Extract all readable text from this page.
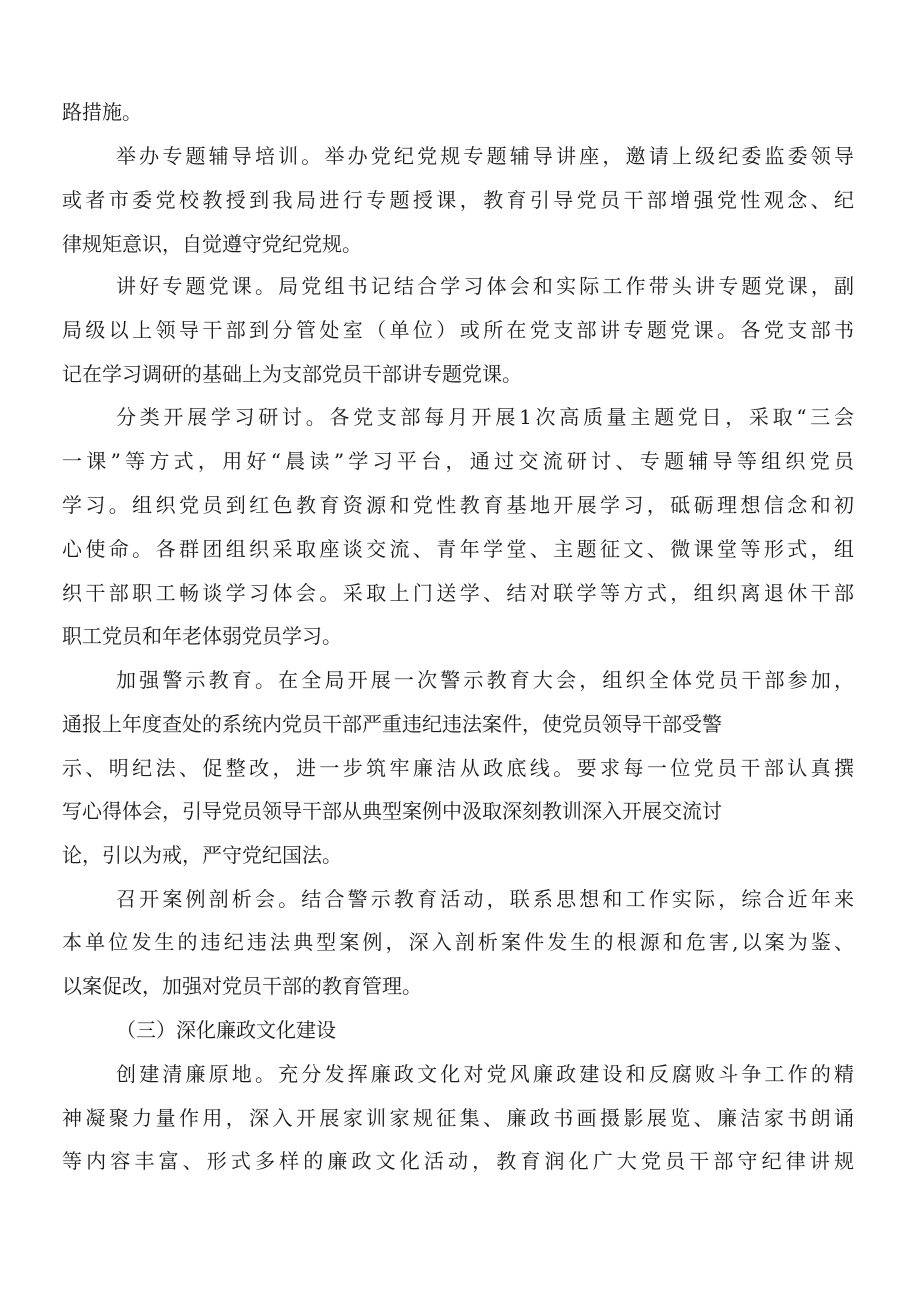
路措施。

举办专题辅导培训。举办党纪党规专题辅导讲座，邀请上级纪委监委领导

或者市委党校教授到我局进行专题授课，教育引导党员干部增强党性观念、纪

律规矩意识，自觉遵守党纪党规。

讲好专题党课。局党组书记结合学习体会和实际工作带头讲专题党课，副

局级以上领导干部到分管处室（单位）或所在党支部讲专题党课。各党支部书

记在学习调研的基础上为支部党员干部讲专题党课。

分类开展学习研讨。各党支部每月开展1次高质量主题党日，采取“三会

一课”等方式，用好“晨读”学习平台，通过交流研讨、专题辅导等组织党员

学习。组织党员到红色教育资源和党性教育基地开展学习，砥砺理想信念和初

心使命。各群团组织采取座谈交流、青年学堂、主题征文、微课堂等形式，组

织干部职工畅谈学习体会。采取上门送学、结对联学等方式，组织离退休干部

职工党员和年老体弱党员学习。

加强警示教育。在全局开展一次警示教育大会，组织全体党员干部参加，

通报上年度查处的系统内党员干部严重违纪违法案件，使党员领导干部受警

示、明纪法、促整改，进一步筑牢廉洁从政底线。要求每一位党员干部认真撰

写心得体会，引导党员领导干部从典型案例中汲取深刻教训深入开展交流讨

论，引以为戒，严守党纪国法。

召开案例剖析会。结合警示教育活动，联系思想和工作实际，综合近年来

本单位发生的违纪违法典型案例，深入剖析案件发生的根源和危害,以案为鉴、

以案促改，加强对党员干部的教育管理。

（三）深化廉政文化建设

创建清廉原地。充分发挥廉政文化对党风廉政建设和反腐败斗争工作的精

神凝聚力量作用，深入开展家训家规征集、廉政书画摄影展览、廉洁家书朗诵

等内容丰富、形式多样的廉政文化活动，教育润化广大党员干部守纪律讲规
